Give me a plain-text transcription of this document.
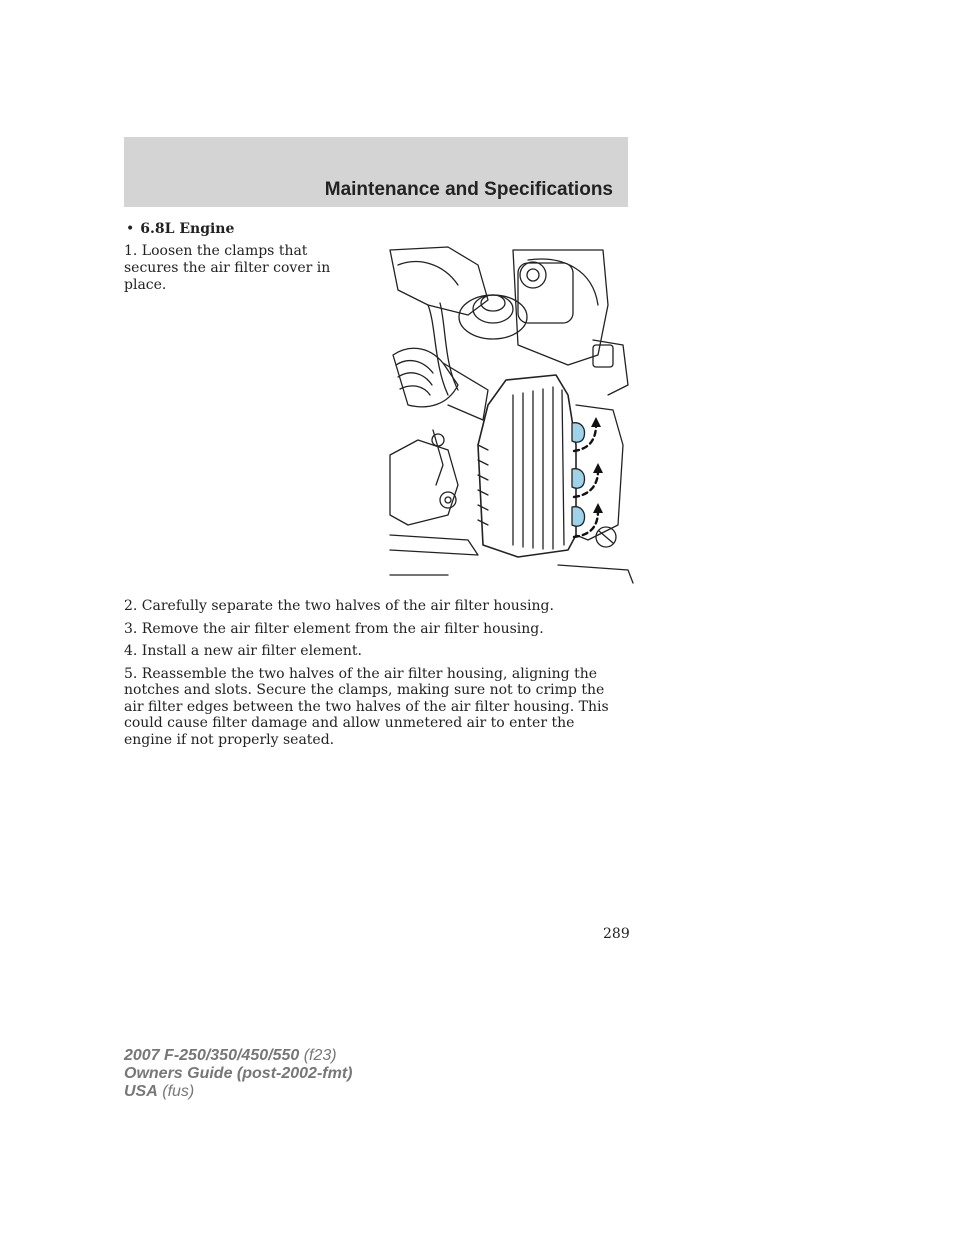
Maintenance and Specifications
• 6.8L Engine
1. Loosen the clamps that secures the air filter cover in place.

2. Carefully separate the two halves of the air filter housing.

3. Remove the air filter element from the air filter housing.

4. Install a new air filter element.

5. Reassemble the two halves of the air filter housing, aligning the notches and slots. Secure the clamps, making sure not to crimp the air filter edges between the two halves of the air filter housing. This could cause filter damage and allow unmetered air to enter the engine if not properly seated.

289
2007 F-250/350/450/550 (f23)
Owners Guide (post-2002-fmt)
USA (fus)
